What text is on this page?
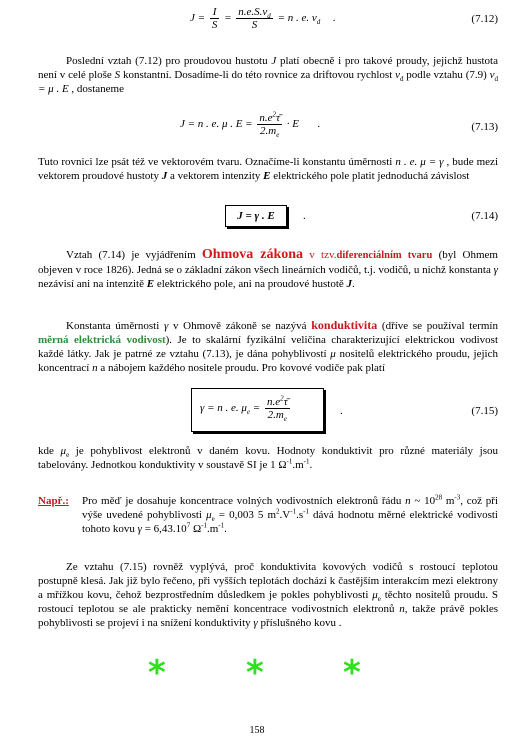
$J = \frac{I}{S} = \frac{n.e.S.v_d}{S} = n$ . e. $v_d$ .	(7.12)
Poslední vztah (7.12) pro proudovou hustotu J platí obecně i pro takové proudy, jejichž hustota není v celé ploše S konstantní. Dosadíme-li do této rovnice za driftovou rychlost $v_d$ podle vztahu (7.9) $v_d = \mu$ . E , dostaneme
J = n . e. μ . $E = \frac{n.e^2\taū}{2.m_e} \cdot E$ .	(7.13)
Tuto rovnici lze psát též ve vektorovém tvaru. Označíme-li konstantu úměrnosti n . e. μ = γ , bude mezi vektorem proudové hustoty J a vektorem intenzity E elektrického pole platit jednoduchá závislost
J = γ . E	.	(7.14)
Vztah (7.14) je vyjádřením Ohmova zákona v tzv.diferenciálním tvaru (byl Ohmem objeven v roce 1826). Jedná se o základní zákon všech lineárních vodičů, t.j. vodičů, u nichž konstanta γ nezávisí ani na intenzitě E elektrického pole, ani na proudové hustotě J.
Konstanta úměrnosti γ v Ohmově zákoně se nazývá konduktivita (dříve se používal termín měrná elektrická vodivost). Je to skalární fyzikální veličina charakterizující elektrickou vodivost každé látky. Jak je patrné ze vztahu (7.13), je dána pohyblivostí μ nositelů elektrického proudu, jejich koncentrací n a nábojem každého nositele proudu. Pro kovové vodiče pak platí
γ = n . e. $\mu_e = \frac{n.e^2\taū}{2.m_e}$	.	(7.15)
kde $\mu_e$ je pohyblivost elektronů v daném kovu. Hodnoty konduktivit pro různé materiály jsou tabelovány. Jednotkou konduktivity v soustavě SI je 1 $\Omega^{-1}.m^{-1}$.
Např.: Pro měď je dosahuje koncentrace volných vodivostních elektronů řádu n ~ $10^{28}$ $m^{-3}$, což při výše uvedené pohyblivosti $\mu_e = 0,003$ 5 $m^2.V^{-1}.s^{-1}$ dává hodnotu měrné elektrické vodivosti tohoto kovu $\gamma = 6,43.10^7$ $\Omega^{-1}.m^{-1}$.
Ze vztahu (7.15) rovněž vyplývá, proč konduktivita kovových vodičů s rostoucí teplotou postupně klesá. Jak již bylo řečeno, při vyšších teplotách dochází k častějším interakcím mezi elektrony a mřížkou kovu, čehož bezprostředním důsledkem je pokles pohyblivosti $\mu_e$ těchto nositelů proudu. S rostoucí teplotou se ale prakticky nemění koncentrace vodivostních elektronů n, takže právě pokles pohyblivosti se projeví i na snížení konduktivity γ příslušného kovu .
* * *
158
